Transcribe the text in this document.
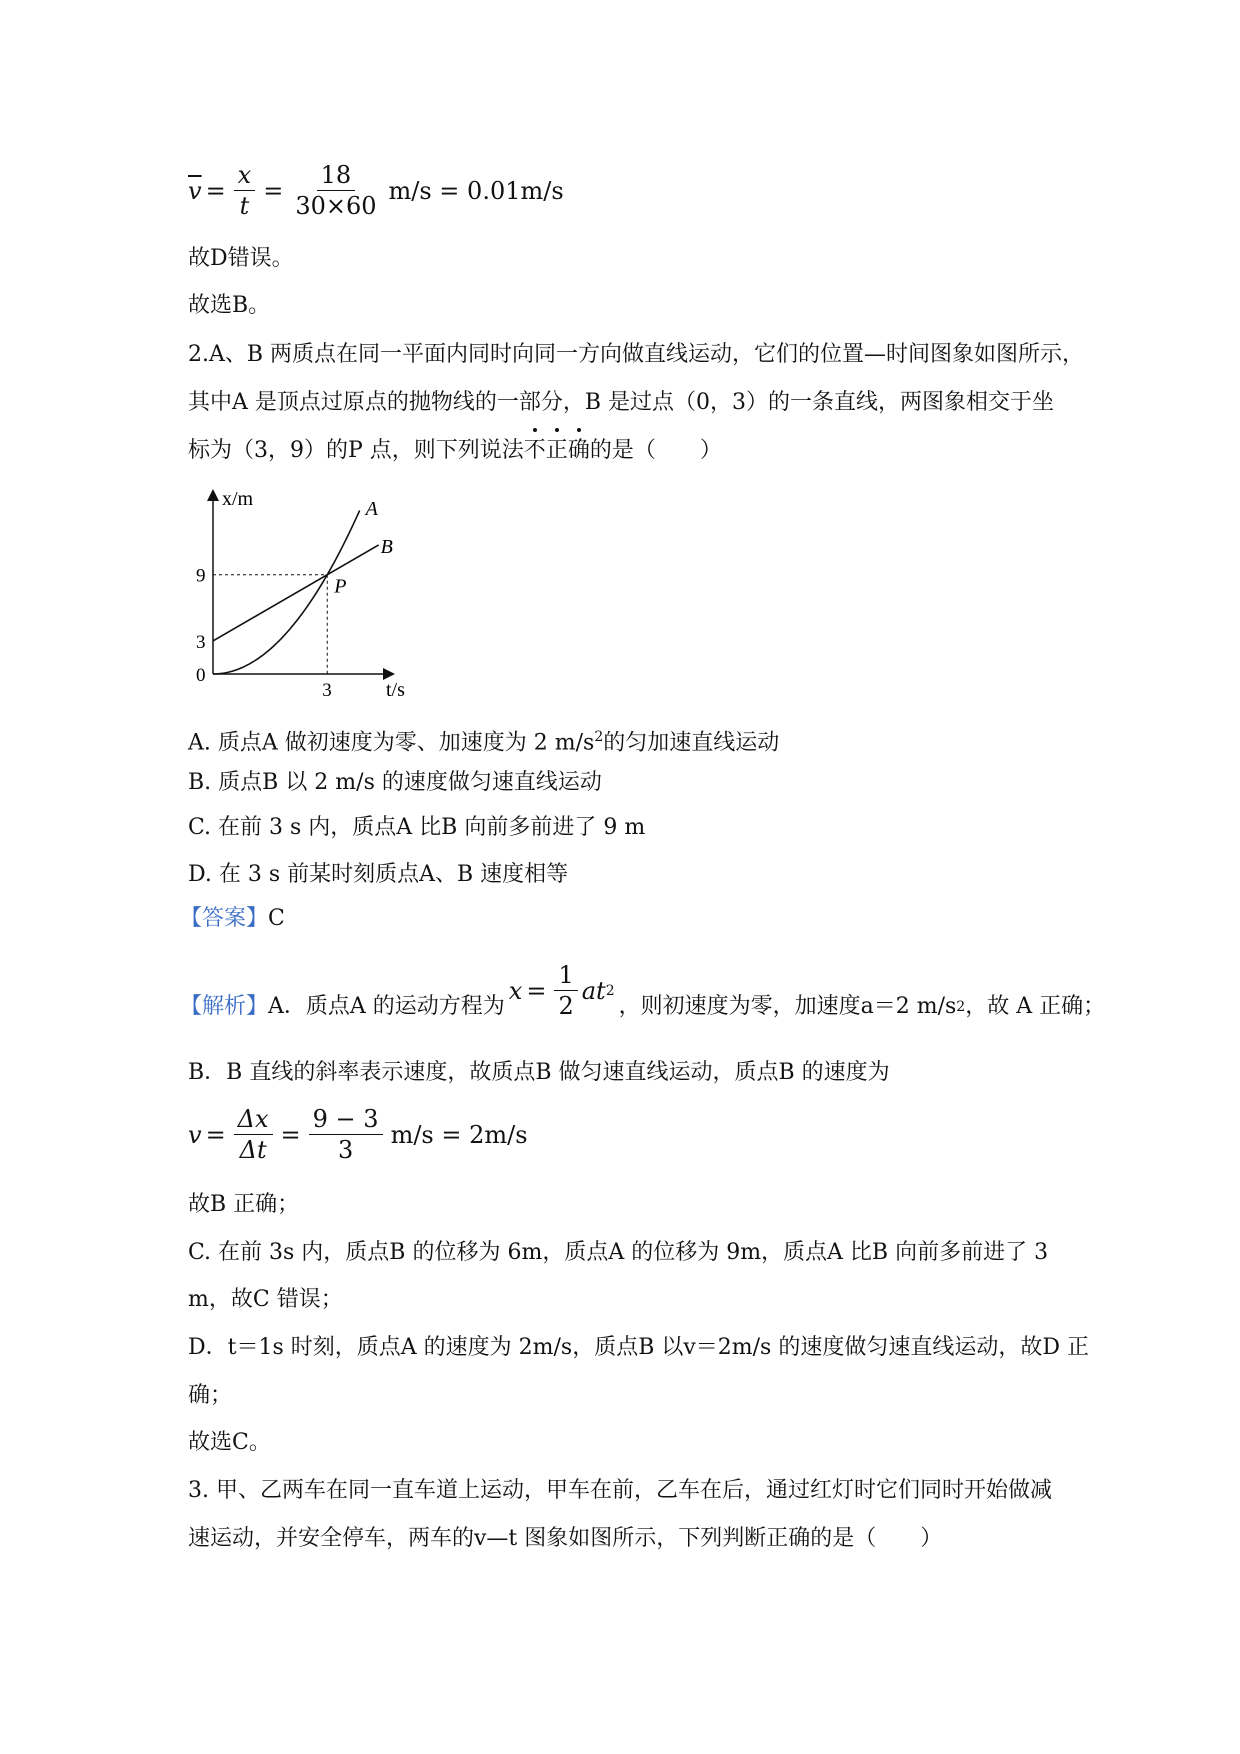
$\overline{v} = \frac{x}{t} = \frac{18}{30\times 60} m/s = 0.01m/s$
故D错误。
故选B。
2.A、B 两质点在同一平面内同时向同一方向做直线运动，它们的位置—时间图象如图所示，
其中A 是顶点过原点的抛物线的一部分，B 是过点（0，3）的一条直线，两图象相交于坐
标为（3，9）的P 点，则下列说法不正确的是（　　）
x/m
t/s
0
3
9
3
A
B
P
A. 质点A 做初速度为零、加速度为 2 $m/s^2$的匀加速直线运动
B. 质点B 以 2 m/s 的速度做匀速直线运动
C. 在前 3 s 内，质点A 比B 向前多前进了 9 m
D. 在 3 s 前某时刻质点A、B 速度相等
【答案】C
【解析】 A．质点A 的运动方程为
$x = \frac{1}{2}$ at 2
，则初速度为零，加速度a＝2 m/s 2 ，故 A 正确；
B．B 直线的斜率表示速度，故质点B 做匀速直线运动，质点B 的速度为
$v = \frac{\Delta x}{\Delta t} = \frac{9 - 3}{3} m/s = 2m/s$
故B 正确；
C. 在前 3s 内，质点B 的位移为 6m，质点A 的位移为 9m，质点A 比B 向前多前进了 3
m，故C 错误；
D．t＝1s 时刻，质点A 的速度为 2m/s，质点B 以v＝2m/s 的速度做匀速直线运动，故D 正
确；
故选C。
3. 甲、乙两车在同一直车道上运动，甲车在前，乙车在后，通过红灯时它们同时开始做减
速运动，并安全停车，两车的v—t 图象如图所示，下列判断正确的是（　　）
